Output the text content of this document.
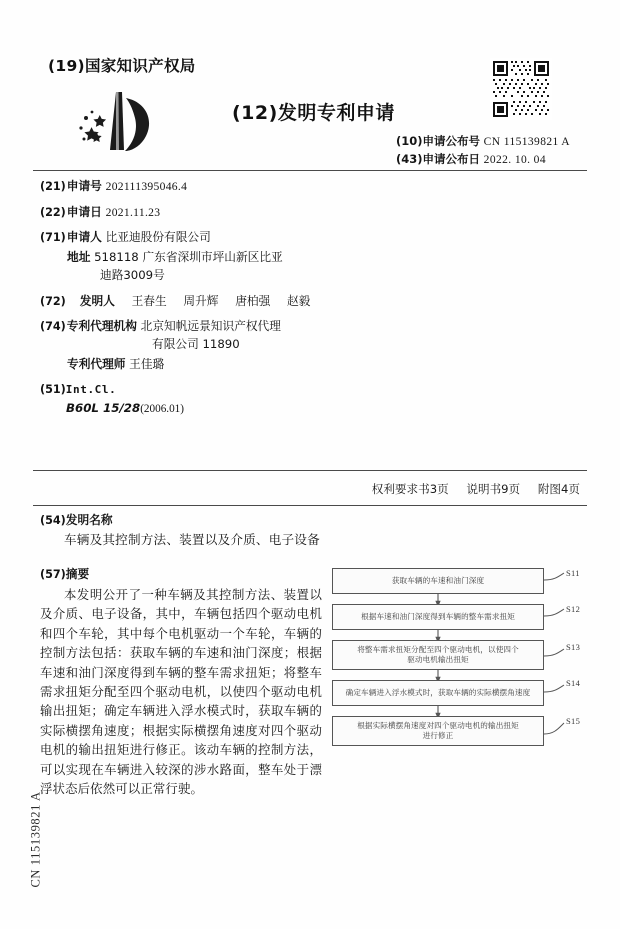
CN 115139821 A
(19)国家知识产权局
(12)发明专利申请
(10)申请公布号 CN 115139821 A
(43)申请公布日 2022. 10. 04
(21)申请号 202111395046.4
(22)申请日 2021.11.23
(71)申请人 比亚迪股份有限公司
地址 518118 广东省深圳市坪山新区比亚
迪路3009号
(72) 发明人 王春生 周升辉 唐柏强 赵毅
(74)专利代理机构 北京知帆远景知识产权代理
有限公司 11890
专利代理师 王佳璐
(51)Int.Cl.
B60L 15/28(2006.01)
权利要求书3页 说明书9页 附图4页
(54)发明名称
车辆及其控制方法、装置以及介质、电子设备
(57)摘要
本发明公开了一种车辆及其控制方法、装置以及介质、电子设备，其中，车辆包括四个驱动电机和四个车轮，其中每个电机驱动一个车轮，车辆的控制方法包括：获取车辆的车速和油门深度；根据车速和油门深度得到车辆的整车需求扭矩；将整车需求扭矩分配至四个驱动电机，以使四个驱动电机输出扭矩；确定车辆进入浮水模式时，获取车辆的实际横摆角速度；根据实际横摆角速度对四个驱动电机的输出扭矩进行修正。该动车辆的控制方法，可以实现在车辆进入较深的涉水路面，整车处于漂浮状态后依然可以正常行驶。
获取车辆的车速和油门深度
S11
根据车速和油门深度得到车辆的整车需求扭矩
S12
将整车需求扭矩分配至四个驱动电机，以使四个
驱动电机输出扭矩
S13
确定车辆进入浮水模式时，获取车辆的实际横摆角速度
S14
根据实际横摆角速度对四个驱动电机的输出扭矩
进行修正
S15
